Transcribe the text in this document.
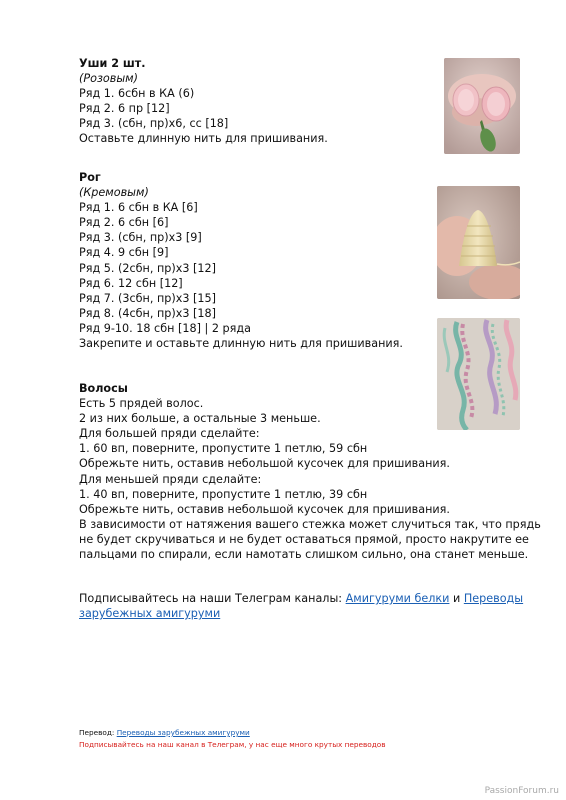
Уши 2 шт.
(Розовым)
Ряд 1. 6сбн в КА (6)
Ряд 2. 6 пр [12]
Ряд 3. (сбн, пр)х6, сс [18]
Оставьте длинную нить для пришивания.
Рог
(Кремовым)
Ряд 1. 6 сбн в КА [6]
Ряд 2. 6 сбн [6]
Ряд 3. (сбн, пр)х3 [9]
Ряд 4. 9 сбн [9]
Ряд 5. (2сбн, пр)х3 [12]
Ряд 6. 12 сбн [12]
Ряд 7. (3сбн, пр)х3 [15]
Ряд 8. (4сбн, пр)х3 [18]
Ряд 9-10. 18 сбн [18] | 2 ряда
Закрепите и оставьте длинную нить для пришивания.
Волосы
Есть 5 прядей волос.
2 из них больше, а остальные 3 меньше.
Для большей пряди сделайте:
1. 60 вп, поверните, пропустите 1 петлю, 59 сбн
Обрежьте нить, оставив небольшой кусочек для пришивания.
Для меньшей пряди сделайте:
1. 40 вп, поверните, пропустите 1 петлю, 39 сбн
Обрежьте нить, оставив небольшой кусочек для пришивания.
В зависимости от натяжения вашего стежка может случиться так, что прядь
не будет скручиваться и не будет оставаться прямой, просто накрутите ее
пальцами по спирали, если намотать слишком сильно, она станет меньше.
Подписывайтесь на наши Телеграм каналы: Амигуруми белки и Переводы зарубежных амигуруми
Перевод: Переводы зарубежных амигуруми
Подписывайтесь на наш канал в Телеграм, у нас еще много крутых переводов
PassionForum.ru
